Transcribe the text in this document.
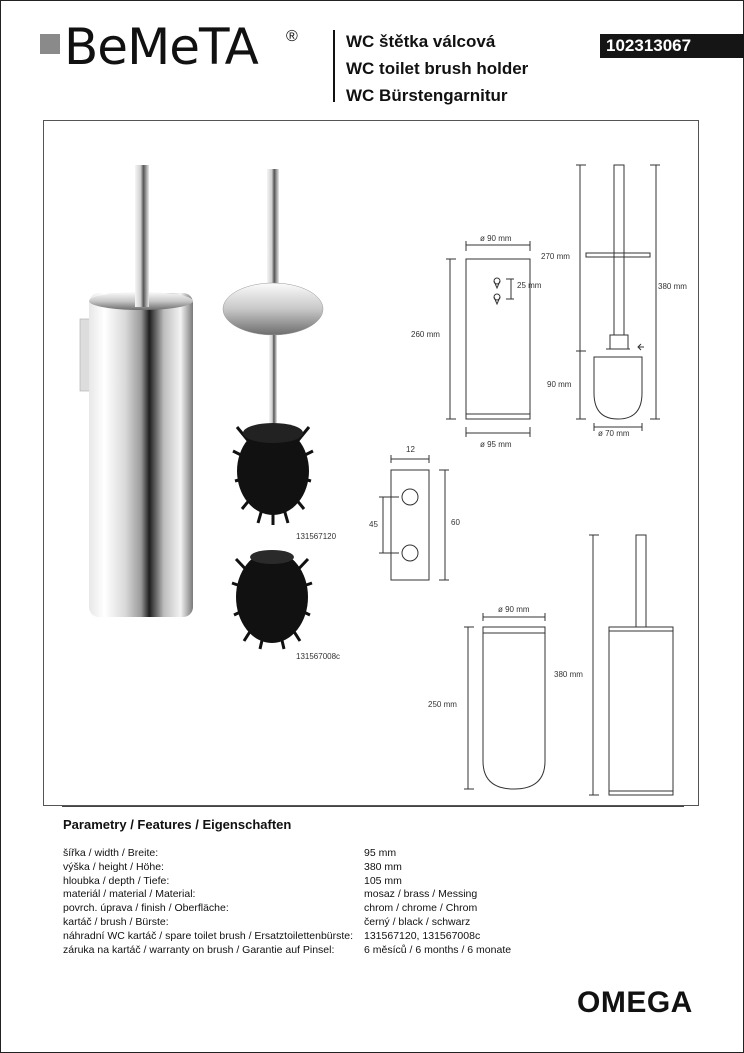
BeMeTA ®	WC štětka válcová
WC toilet brush holder
WC Bürstengarnitur
102313067
131567120
131567008c
ø 90 mm
260 mm
25 mm
ø 95 mm
270 mm
380 mm
90 mm
ø 70 mm
12
45	60
ø 90 mm
250 mm
380 mm
Parametry / Features / Eigenschaften
šířka / width / Breite:	95 mm
výška / height / Höhe:	380 mm
hloubka / depth / Tiefe:	105 mm
materiál / material / Material:	mosaz / brass / Messing
povrch. úprava / finish / Oberfläche:	chrom / chrome / Chrom
kartáč / brush / Bürste:	černý / black / schwarz
náhradní WC kartáč / spare toilet brush / Ersatztoilettenbürste: 131567120, 131567008c
záruka na kartáč / warranty on brush / Garantie auf Pinsel:	6 měsíců / 6 months / 6 monate
OMEGA
